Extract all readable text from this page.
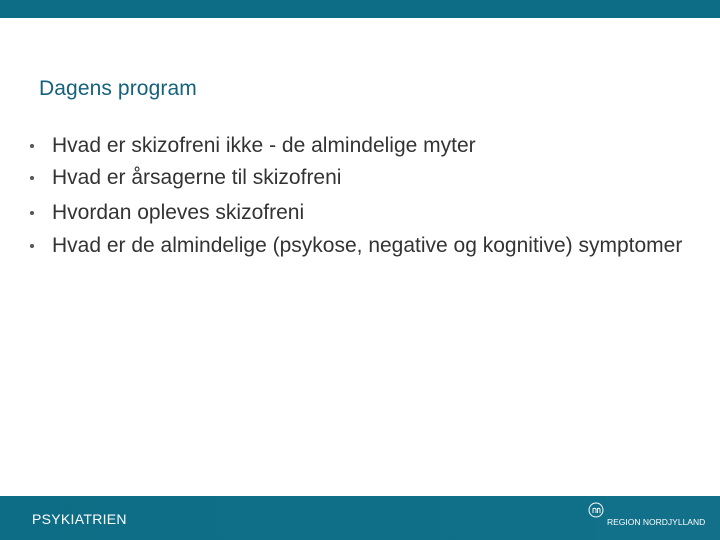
Dagens program
Hvad er skizofreni ikke - de almindelige myter
Hvad er årsagerne til skizofreni
Hvordan opleves skizofreni
Hvad er de almindelige (psykose, negative og kognitive) symptomer
PSYKIATRIEN	REGION NORDJYLLAND
